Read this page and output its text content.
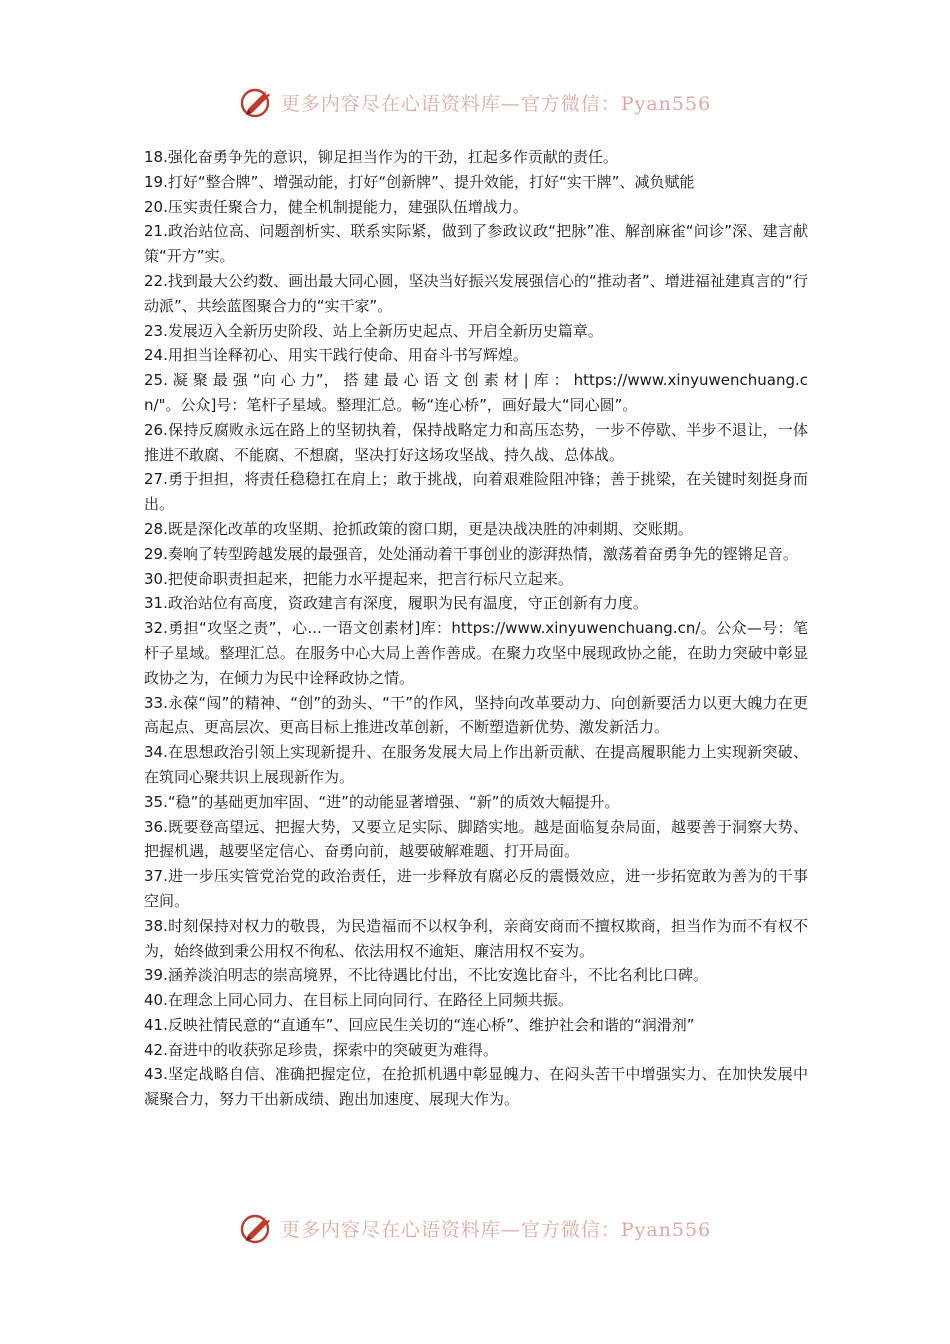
更多内容尽在心语资料库—官方微信：Pyan556

18.强化奋勇争先的意识，铆足担当作为的干劲，扛起多作贡献的责任。

19.打好“整合牌”、增强动能，打好“创新牌”、提升效能，打好“实干牌”、减负赋能

20.压实责任聚合力，健全机制提能力，建强队伍增战力。

21.政治站位高、问题剖析实、联系实际紧，做到了参政议政“把脉”准、解剖麻雀“问诊”深、建言献策“开方”实。

22.找到最大公约数、画出最大同心圆，坚决当好振兴发展强信心的“推动者”、增进福祉建真言的“行动派”、共绘蓝图聚合力的“实干家”。

23.发展迈入全新历史阶段、站上全新历史起点、开启全新历史篇章。

24.用担当诠释初心、用实干践行使命、用奋斗书写辉煌。

25. 凝 聚 最 强 “向 心 力”， 搭 建 最 心 语 文 创 素 材 | 库 ： https://www.xinyuwenchuang.cn/"。公众]号：笔杆子星域。整理汇总。畅“连心桥”，画好最大“同心圆”。

26.保持反腐败永远在路上的坚韧执着，保持战略定力和高压态势，一步不停歇、半步不退让，一体推进不敢腐、不能腐、不想腐，坚决打好这场攻坚战、持久战、总体战。

27.勇于担担，将责任稳稳扛在肩上；敢于挑战，向着艰难险阻冲锋；善于挑梁，在关键时刻挺身而出。

28.既是深化改革的攻坚期、抢抓政策的窗口期，更是决战决胜的冲刺期、交账期。

29.奏响了转型跨越发展的最强音，处处涌动着干事创业的澎湃热情，激荡着奋勇争先的铿锵足音。

30.把使命职责担起来，把能力水平提起来，把言行标尺立起来。

31.政治站位有高度，资政建言有深度，履职为民有温度，守正创新有力度。

32.勇担“攻坚之责”，心...一语文创素材]库：https://www.xinyuwenchuang.cn/。公众—号：笔杆子星域。整理汇总。在服务中心大局上善作善成。在聚力攻坚中展现政协之能，在助力突破中彰显政协之为，在倾力为民中诠释政协之情。

33.永葆“闯”的精神、“创”的劲头、“干”的作风，坚持向改革要动力、向创新要活力以更大魄力在更高起点、更高层次、更高目标上推进改革创新，不断塑造新优势、激发新活力。

34.在思想政治引领上实现新提升、在服务发展大局上作出新贡献、在提高履职能力上实现新突破、在筑同心聚共识上展现新作为。

35.“稳”的基础更加牢固、“进”的动能显著增强、“新”的质效大幅提升。

36.既要登高望远、把握大势，又要立足实际、脚踏实地。越是面临复杂局面，越要善于洞察大势、把握机遇，越要坚定信心、奋勇向前，越要破解难题、打开局面。

37.进一步压实管党治党的政治责任，进一步释放有腐必反的震慑效应，进一步拓宽敢为善为的干事空间。

38.时刻保持对权力的敬畏，为民造福而不以权争利，亲商安商而不擅权欺商，担当作为而不有权不为，始终做到秉公用权不徇私、依法用权不逾矩、廉洁用权不妄为。

39.涵养淡泊明志的崇高境界，不比待遇比付出，不比安逸比奋斗，不比名利比口碑。

40.在理念上同心同力、在目标上同向同行、在路径上同频共振。

41.反映社情民意的“直通车”、回应民生关切的“连心桥”、维护社会和谐的“润滑剂”

42.奋进中的收获弥足珍贵，探索中的突破更为难得。

43.坚定战略自信、准确把握定位，在抢抓机遇中彰显魄力、在闷头苦干中增强实力、在加快发展中凝聚合力，努力干出新成绩、跑出加速度、展现大作为。

更多内容尽在心语资料库—官方微信：Pyan556
